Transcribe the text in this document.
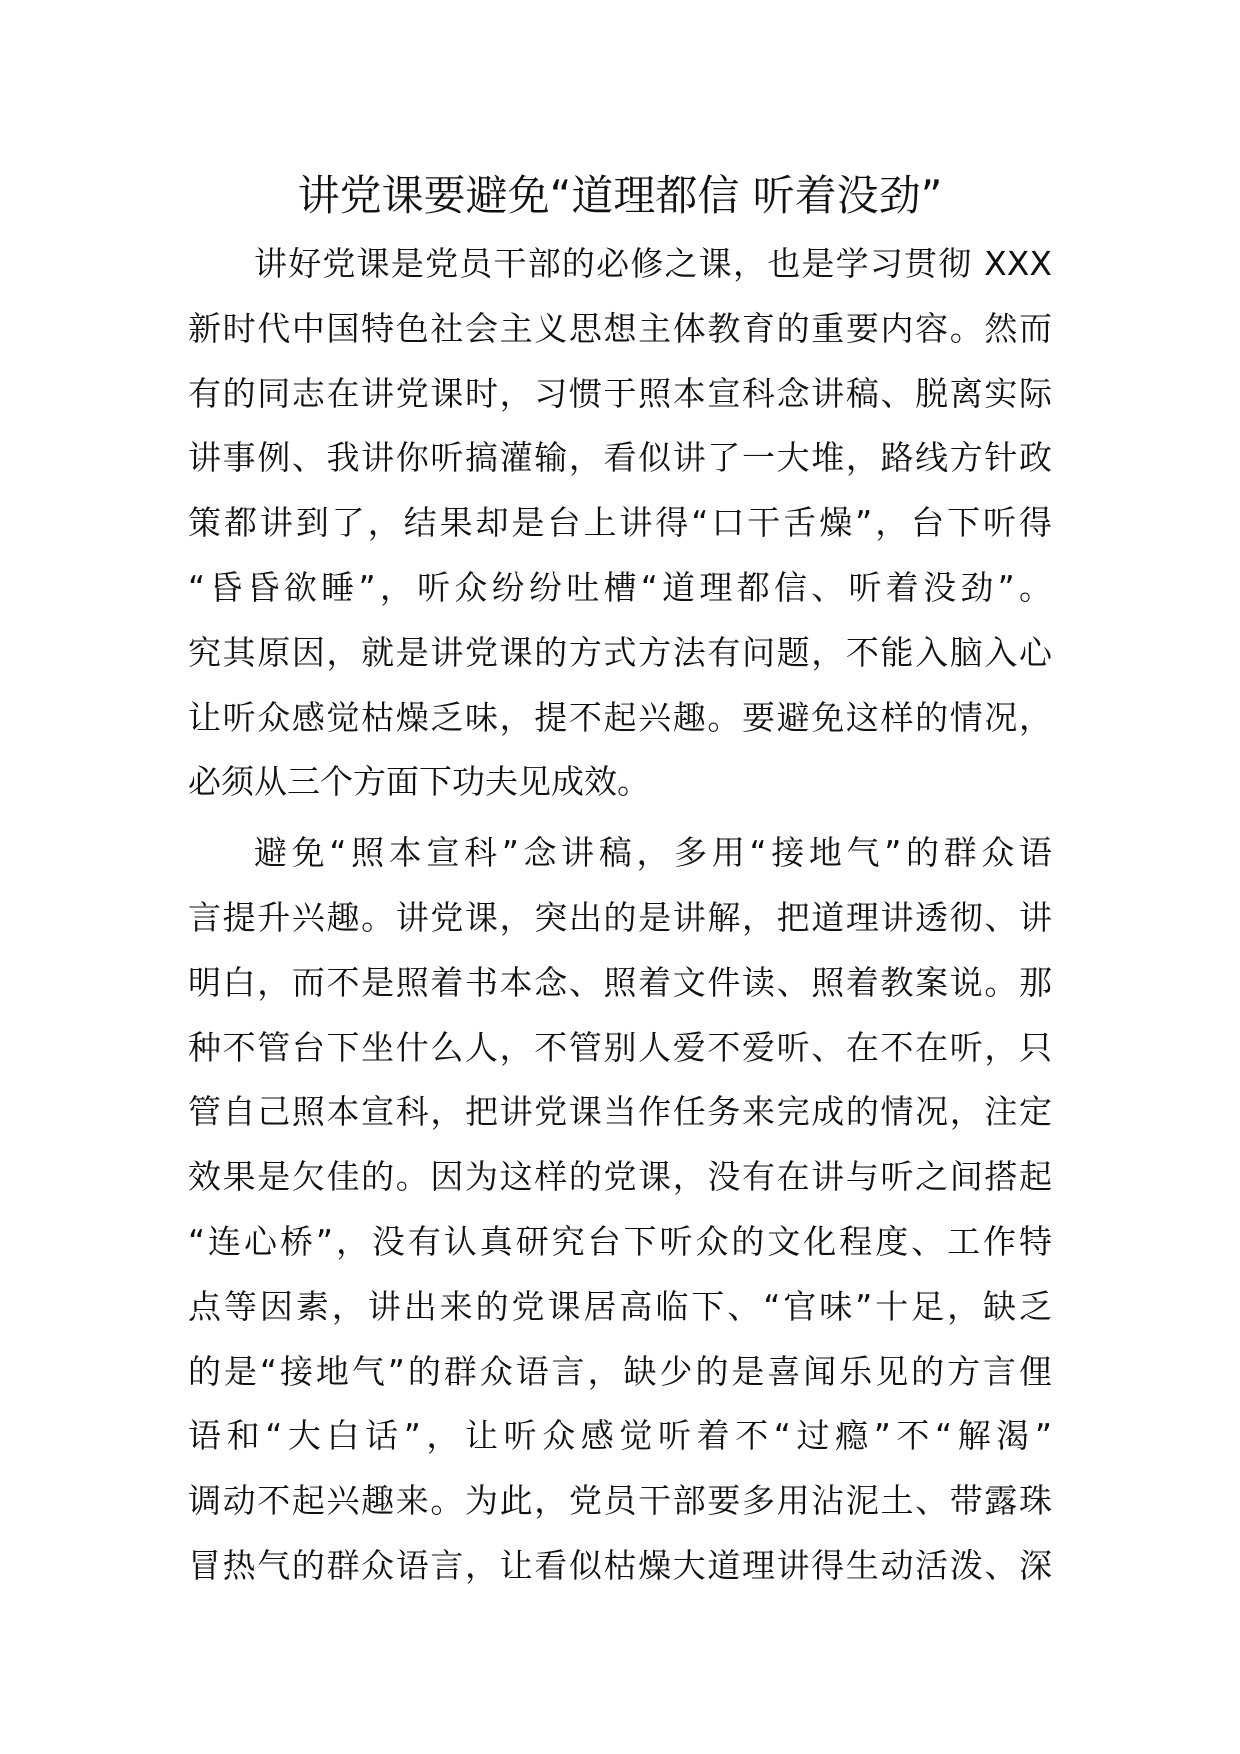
讲党课要避免“道理都信 听着没劲”

讲好党课是党员干部的必修之课，也是学习贯彻 XXX

新时代中国特色社会主义思想主体教育的重要内容。然而

有的同志在讲党课时，习惯于照本宣科念讲稿、脱离实际

讲事例、我讲你听搞灌输，看似讲了一大堆，路线方针政

策都讲到了，结果却是台上讲得“口干舌燥”，台下听得

“昏昏欲睡”，听众纷纷吐槽“道理都信、听着没劲”。

究其原因，就是讲党课的方式方法有问题，不能入脑入心

让听众感觉枯燥乏味，提不起兴趣。要避免这样的情况，

必须从三个方面下功夫见成效。

避免“照本宣科”念讲稿，多用“接地气”的群众语

言提升兴趣。讲党课，突出的是讲解，把道理讲透彻、讲

明白，而不是照着书本念、照着文件读、照着教案说。那

种不管台下坐什么人，不管别人爱不爱听、在不在听，只

管自己照本宣科，把讲党课当作任务来完成的情况，注定

效果是欠佳的。因为这样的党课，没有在讲与听之间搭起

“连心桥”，没有认真研究台下听众的文化程度、工作特

点等因素，讲出来的党课居高临下、“官味”十足，缺乏

的是“接地气”的群众语言，缺少的是喜闻乐见的方言俚

语和“大白话”，让听众感觉听着不“过瘾”不“解渴”

调动不起兴趣来。为此，党员干部要多用沾泥土、带露珠

冒热气的群众语言，让看似枯燥大道理讲得生动活泼、深
